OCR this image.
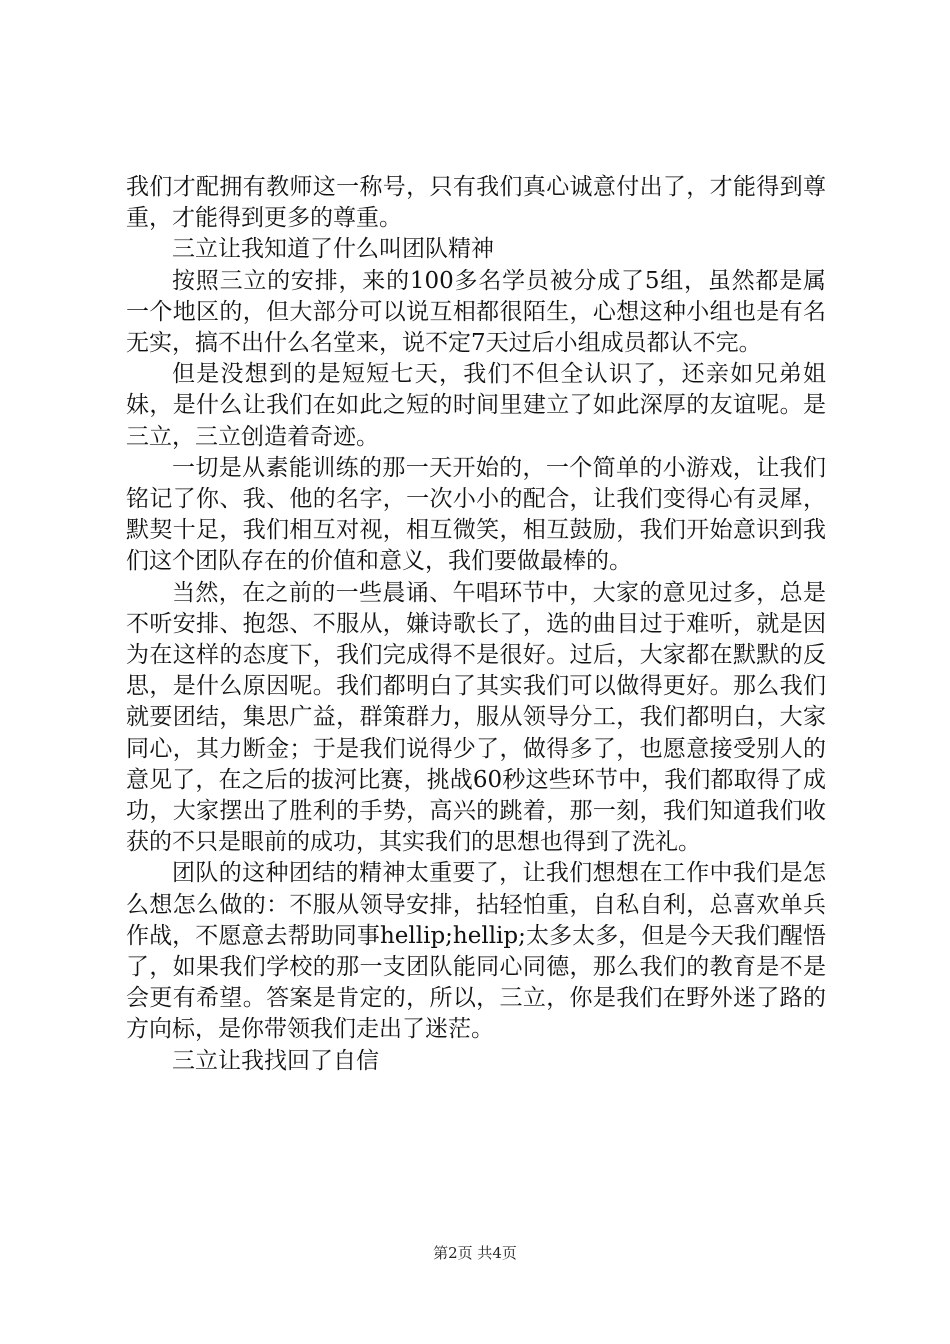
我们才配拥有教师这一称号，只有我们真心诚意付出了，才能得到尊重，才能得到更多的尊重。

三立让我知道了什么叫团队精神

按照三立的安排，来的100多名学员被分成了5组，虽然都是属一个地区的，但大部分可以说互相都很陌生，心想这种小组也是有名无实，搞不出什么名堂来，说不定7天过后小组成员都认不完。

但是没想到的是短短七天，我们不但全认识了，还亲如兄弟姐妹，是什么让我们在如此之短的时间里建立了如此深厚的友谊呢。是三立，三立创造着奇迹。

一切是从素能训练的那一天开始的，一个简单的小游戏，让我们铭记了你、我、他的名字，一次小小的配合，让我们变得心有灵犀，默契十足，我们相互对视，相互微笑，相互鼓励，我们开始意识到我们这个团队存在的价值和意义，我们要做最棒的。

当然，在之前的一些晨诵、午唱环节中，大家的意见过多，总是不听安排、抱怨、不服从，嫌诗歌长了，选的曲目过于难听，就是因为在这样的态度下，我们完成得不是很好。过后，大家都在默默的反思，是什么原因呢。我们都明白了其实我们可以做得更好。那么我们就要团结，集思广益，群策群力，服从领导分工，我们都明白，大家同心，其力断金；于是我们说得少了，做得多了，也愿意接受别人的意见了，在之后的拔河比赛，挑战60秒这些环节中，我们都取得了成功，大家摆出了胜利的手势，高兴的跳着，那一刻，我们知道我们收获的不只是眼前的成功，其实我们的思想也得到了洗礼。

团队的这种团结的精神太重要了，让我们想想在工作中我们是怎么想怎么做的：不服从领导安排，拈轻怕重，自私自利，总喜欢单兵作战，不愿意去帮助同事hellip;hellip;太多太多，但是今天我们醒悟了，如果我们学校的那一支团队能同心同德，那么我们的教育是不是会更有希望。答案是肯定的，所以，三立，你是我们在野外迷了路的方向标，是你带领我们走出了迷茫。

三立让我找回了自信

第2页 共4页
